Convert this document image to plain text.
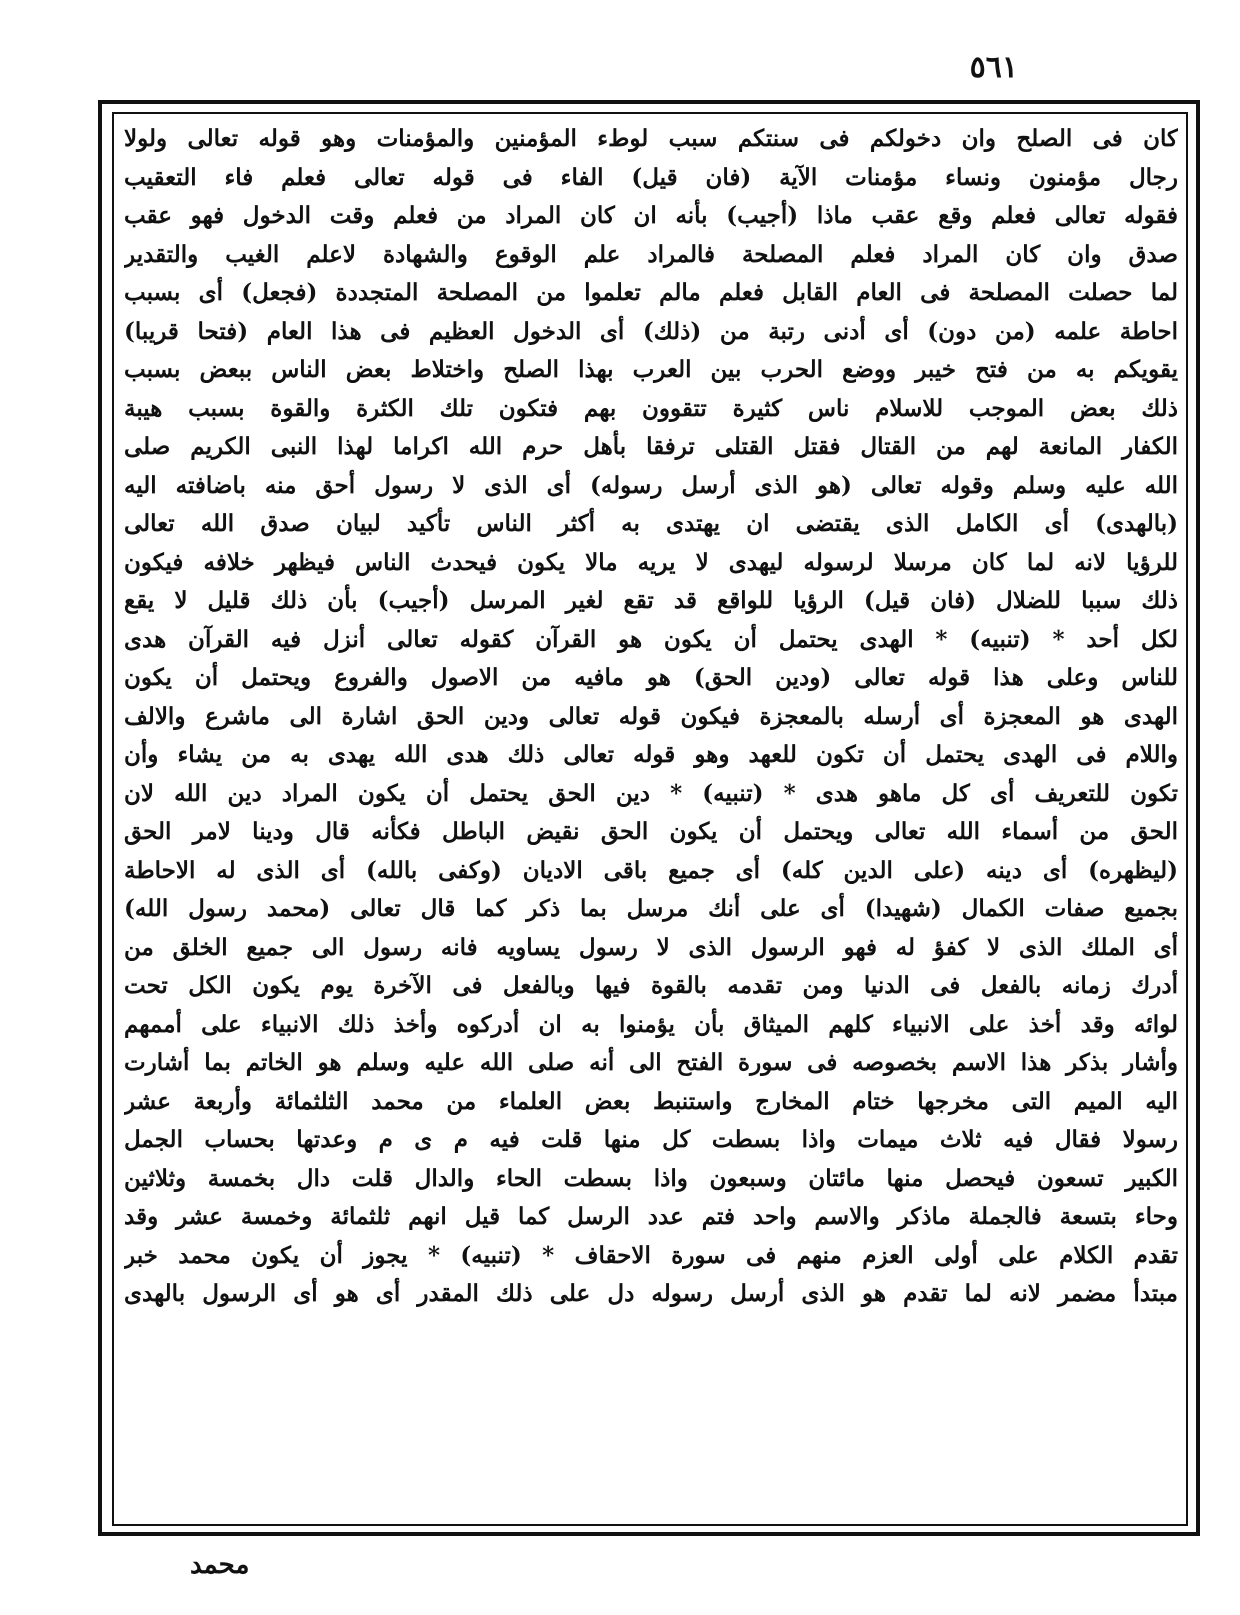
٥٦١
كان فى الصلح وان دخولكم فى سنتكم سبب لوطء المؤمنين والمؤمنات وهو قوله تعالى ولولا
رجال مؤمنون ونساء مؤمنات الآية (فان قيل) الفاء فى قوله تعالى فعلم فاء التعقيب
فقوله تعالى فعلم وقع عقب ماذا (أجيب) بأنه ان كان المراد من فعلم وقت الدخول فهو عقب
صدق وان كان المراد فعلم المصلحة فالمراد علم الوقوع والشهادة لاعلم الغيب والتقدير
لما حصلت المصلحة فى العام القابل فعلم مالم تعلموا من المصلحة المتجددة (فجعل) أى بسبب
احاطة علمه (من دون) أى أدنى رتبة من (ذلك) أى الدخول العظيم فى هذا العام (فتحا قريبا)
يقويكم به من فتح خيبر ووضع الحرب بين العرب بهذا الصلح واختلاط بعض الناس ببعض بسبب
ذلك بعض الموجب للاسلام ناس كثيرة تتقوون بهم فتكون تلك الكثرة والقوة بسبب هيبة
الكفار المانعة لهم من القتال فقتل القتلى ترفقا بأهل حرم الله اكراما لهذا النبى الكريم صلى
الله عليه وسلم وقوله تعالى (هو الذى أرسل رسوله) أى الذى لا رسول أحق منه باضافته اليه
(بالهدى) أى الكامل الذى يقتضى ان يهتدى به أكثر الناس تأكيد لبيان صدق الله تعالى
للرؤيا لانه لما كان مرسلا لرسوله ليهدى لا يريه مالا يكون فيحدث الناس فيظهر خلافه فيكون
ذلك سببا للضلال (فان قيل) الرؤيا للواقع قد تقع لغير المرسل (أجيب) بأن ذلك قليل لا يقع
لكل أحد * (تنبيه) * الهدى يحتمل أن يكون هو القرآن كقوله تعالى أنزل فيه القرآن هدى
للناس وعلى هذا قوله تعالى (ودين الحق) هو مافيه من الاصول والفروع ويحتمل أن يكون
الهدى هو المعجزة أى أرسله بالمعجزة فيكون قوله تعالى ودين الحق اشارة الى ماشرع والالف
واللام فى الهدى يحتمل أن تكون للعهد وهو قوله تعالى ذلك هدى الله يهدى به من يشاء وأن
تكون للتعريف أى كل ماهو هدى * (تنبيه) * دين الحق يحتمل أن يكون المراد دين الله لان
الحق من أسماء الله تعالى ويحتمل أن يكون الحق نقيض الباطل فكأنه قال ودينا لامر الحق
(ليظهره) أى دينه (على الدين كله) أى جميع باقى الاديان (وكفى بالله) أى الذى له الاحاطة
بجميع صفات الكمال (شهيدا) أى على أنك مرسل بما ذكر كما قال تعالى (محمد رسول الله)
أى الملك الذى لا كفؤ له فهو الرسول الذى لا رسول يساويه فانه رسول الى جميع الخلق من
أدرك زمانه بالفعل فى الدنيا ومن تقدمه بالقوة فيها وبالفعل فى الآخرة يوم يكون الكل تحت
لوائه وقد أخذ على الانبياء كلهم الميثاق بأن يؤمنوا به ان أدركوه وأخذ ذلك الانبياء على أممهم
وأشار بذكر هذا الاسم بخصوصه فى سورة الفتح الى أنه صلى الله عليه وسلم هو الخاتم بما أشارت
اليه الميم التى مخرجها ختام المخارج واستنبط بعض العلماء من محمد الثلثمائة وأربعة عشر
رسولا فقال فيه ثلاث ميمات واذا بسطت كل منها قلت فيه م ى م وعدتها بحساب الجمل
الكبير تسعون فيحصل منها مائتان وسبعون واذا بسطت الحاء والدال قلت دال بخمسة وثلاثين
وحاء بتسعة فالجملة ماذكر والاسم واحد فتم عدد الرسل كما قيل انهم ثلثمائة وخمسة عشر وقد
تقدم الكلام على أولى العزم منهم فى سورة الاحقاف * (تنبيه) * يجوز أن يكون محمد خبر
مبتدأ مضمر لانه لما تقدم هو الذى أرسل رسوله دل على ذلك المقدر أى هو أى الرسول بالهدى
محمد
